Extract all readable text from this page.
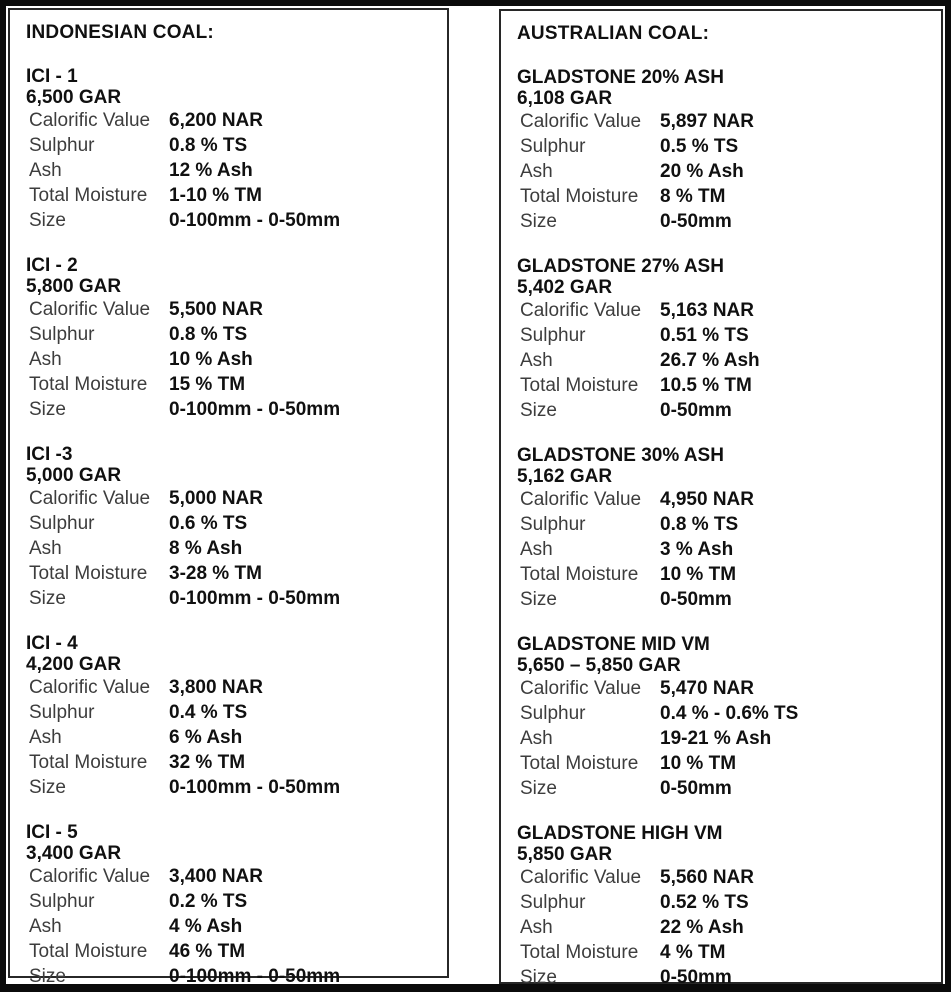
INDONESIAN COAL:
ICI - 1
6,500 GAR
Calorific Value 6,200 NAR
Sulphur	0.8 % TS
Ash	12 % Ash
Total Moisture	1-10 % TM
Size	0-100mm - 0-50mm
ICI - 2
5,800 GAR
Calorific Value 5,500 NAR
Sulphur	0.8 % TS
Ash	10 % Ash
Total Moisture	15 % TM
Size	0-100mm - 0-50mm
ICI -3
5,000 GAR
Calorific Value 5,000 NAR
Sulphur	0.6 % TS
Ash	8 % Ash
Total Moisture	3-28 % TM
Size	0-100mm - 0-50mm
ICI - 4
4,200 GAR
Calorific Value 3,800 NAR
Sulphur	0.4 % TS
Ash	6 % Ash
Total Moisture	32 % TM
Size	0-100mm - 0-50mm
ICI - 5
3,400 GAR
Calorific Value 3,400 NAR
Sulphur	0.2 % TS
Ash	4 % Ash
Total Moisture	46 % TM
Size	0-100mm - 0-50mm
AUSTRALIAN COAL:
GLADSTONE 20% ASH
6,108 GAR
Calorific Value 5,897 NAR
Sulphur	0.5 % TS
Ash	20 % Ash
Total Moisture	8 % TM
Size	0-50mm
GLADSTONE 27% ASH
5,402 GAR
Calorific Value 5,163 NAR
Sulphur	0.51 % TS
Ash	26.7 % Ash
Total Moisture	10.5 % TM
Size	0-50mm
GLADSTONE 30% ASH
5,162 GAR
Calorific Value 4,950 NAR
Sulphur	0.8 % TS
Ash	3 % Ash
Total Moisture	10 % TM
Size	0-50mm
GLADSTONE MID VM
5,650 – 5,850 GAR
Calorific Value 5,470 NAR
Sulphur	0.4 % - 0.6% TS
Ash	19-21 % Ash
Total Moisture	10 % TM
Size	0-50mm
GLADSTONE HIGH VM
5,850 GAR
Calorific Value 5,560 NAR
Sulphur	0.52 % TS
Ash	22 % Ash
Total Moisture	4 % TM
Size	0-50mm
